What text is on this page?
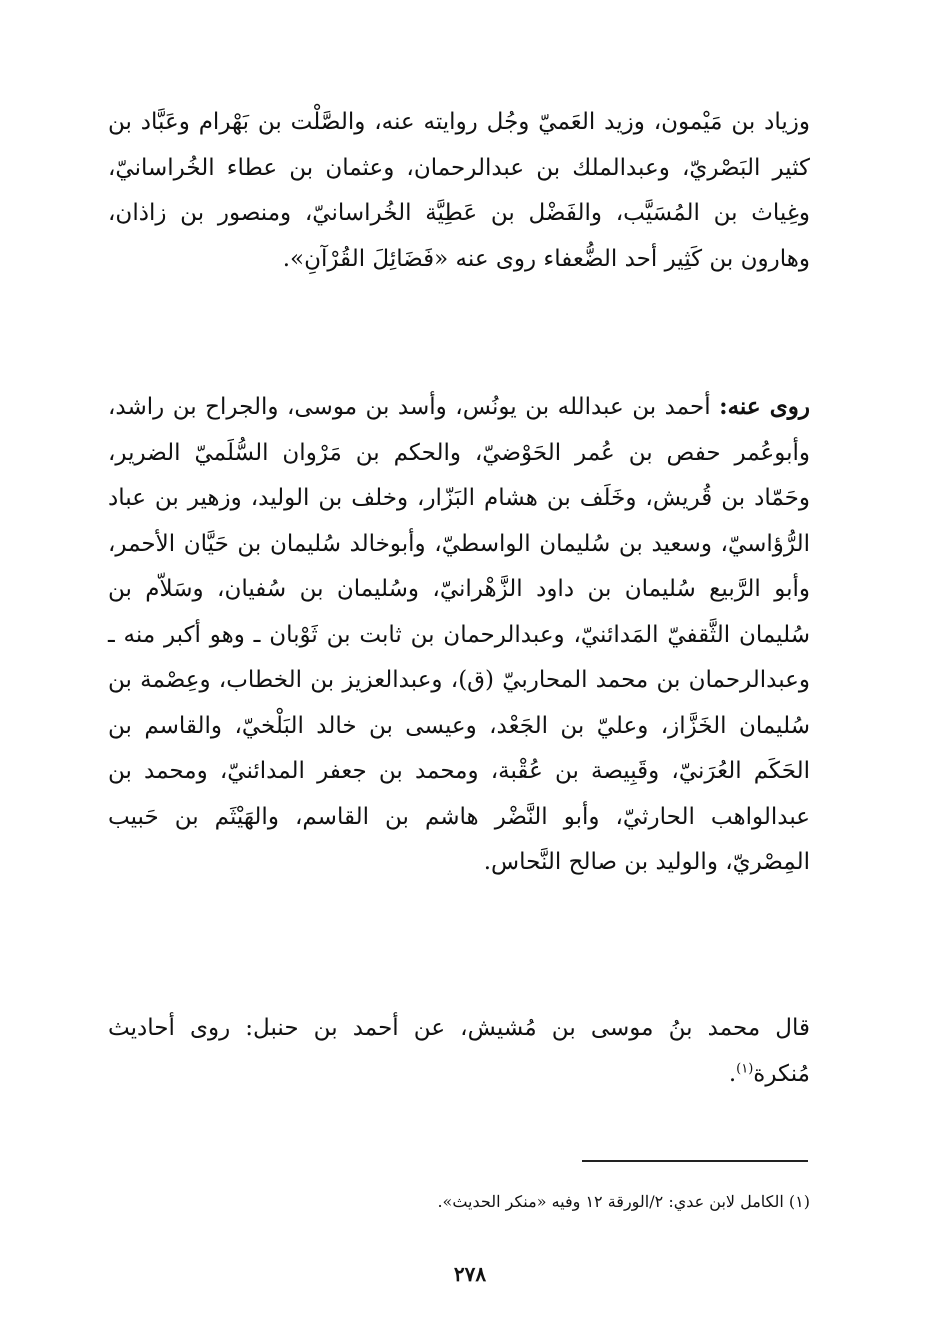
وزياد بن مَيْمون، وزيد العَميّ وجُل روايته عنه، والصَّلْت بن بَهْرام وعَبَّاد بن كثير البَصْريّ، وعبدالملك بن عبدالرحمان، وعثمان بن عطاء الخُراسانيّ، وغِياث بن المُسَيَّب، والفَضْل بن عَطِيَّة الخُراسانيّ، ومنصور بن زاذان، وهارون بن كَثِير أحد الضُّعفاء روى عنه «فَضَائِلَ القُرْآنِ».

روى عنه: أحمد بن عبدالله بن يونُس، وأسد بن موسى، والجراح بن راشد، وأبوعُمر حفص بن عُمر الحَوْضيّ، والحكم بن مَرْوان السُّلَميّ الضرير، وحَمّاد بن قُريش، وخَلَف بن هشام البَزّار، وخلف بن الوليد، وزهير بن عباد الرُّؤاسيّ، وسعيد بن سُليمان الواسطيّ، وأبوخالد سُليمان بن حَيَّان الأحمر، وأبو الرَّبيع سُليمان بن داود الزَّهْرانيّ، وسُليمان بن سُفيان، وسَلاّم بن سُليمان الثَّقفيّ المَدائنيّ، وعبدالرحمان بن ثابت بن ثَوْبان ـ وهو أكبر منه ـ وعبدالرحمان بن محمد المحاربيّ (ق)، وعبدالعزيز بن الخطاب، وعِصْمة بن سُليمان الخَزَّاز، وعليّ بن الجَعْد، وعيسى بن خالد البَلْخيّ، والقاسم بن الحَكَم العُرَنيّ، وقَبِيصة بن عُقْبة، ومحمد بن جعفر المدائنيّ، ومحمد بن عبدالواهب الحارثيّ، وأبو النَّضْر هاشم بن القاسم، والهَيْثَم بن حَبيب المِصْريّ، والوليد بن صالح النَّحاس.

قال محمد بنُ موسى بن مُشيش، عن أحمد بن حنبل: روى أحاديث مُنكرة$^{(١)}$.

(١) الكامل لابن عدي: ٢/الورقة ١٢ وفيه «منكر الحديث».

٢٧٨
